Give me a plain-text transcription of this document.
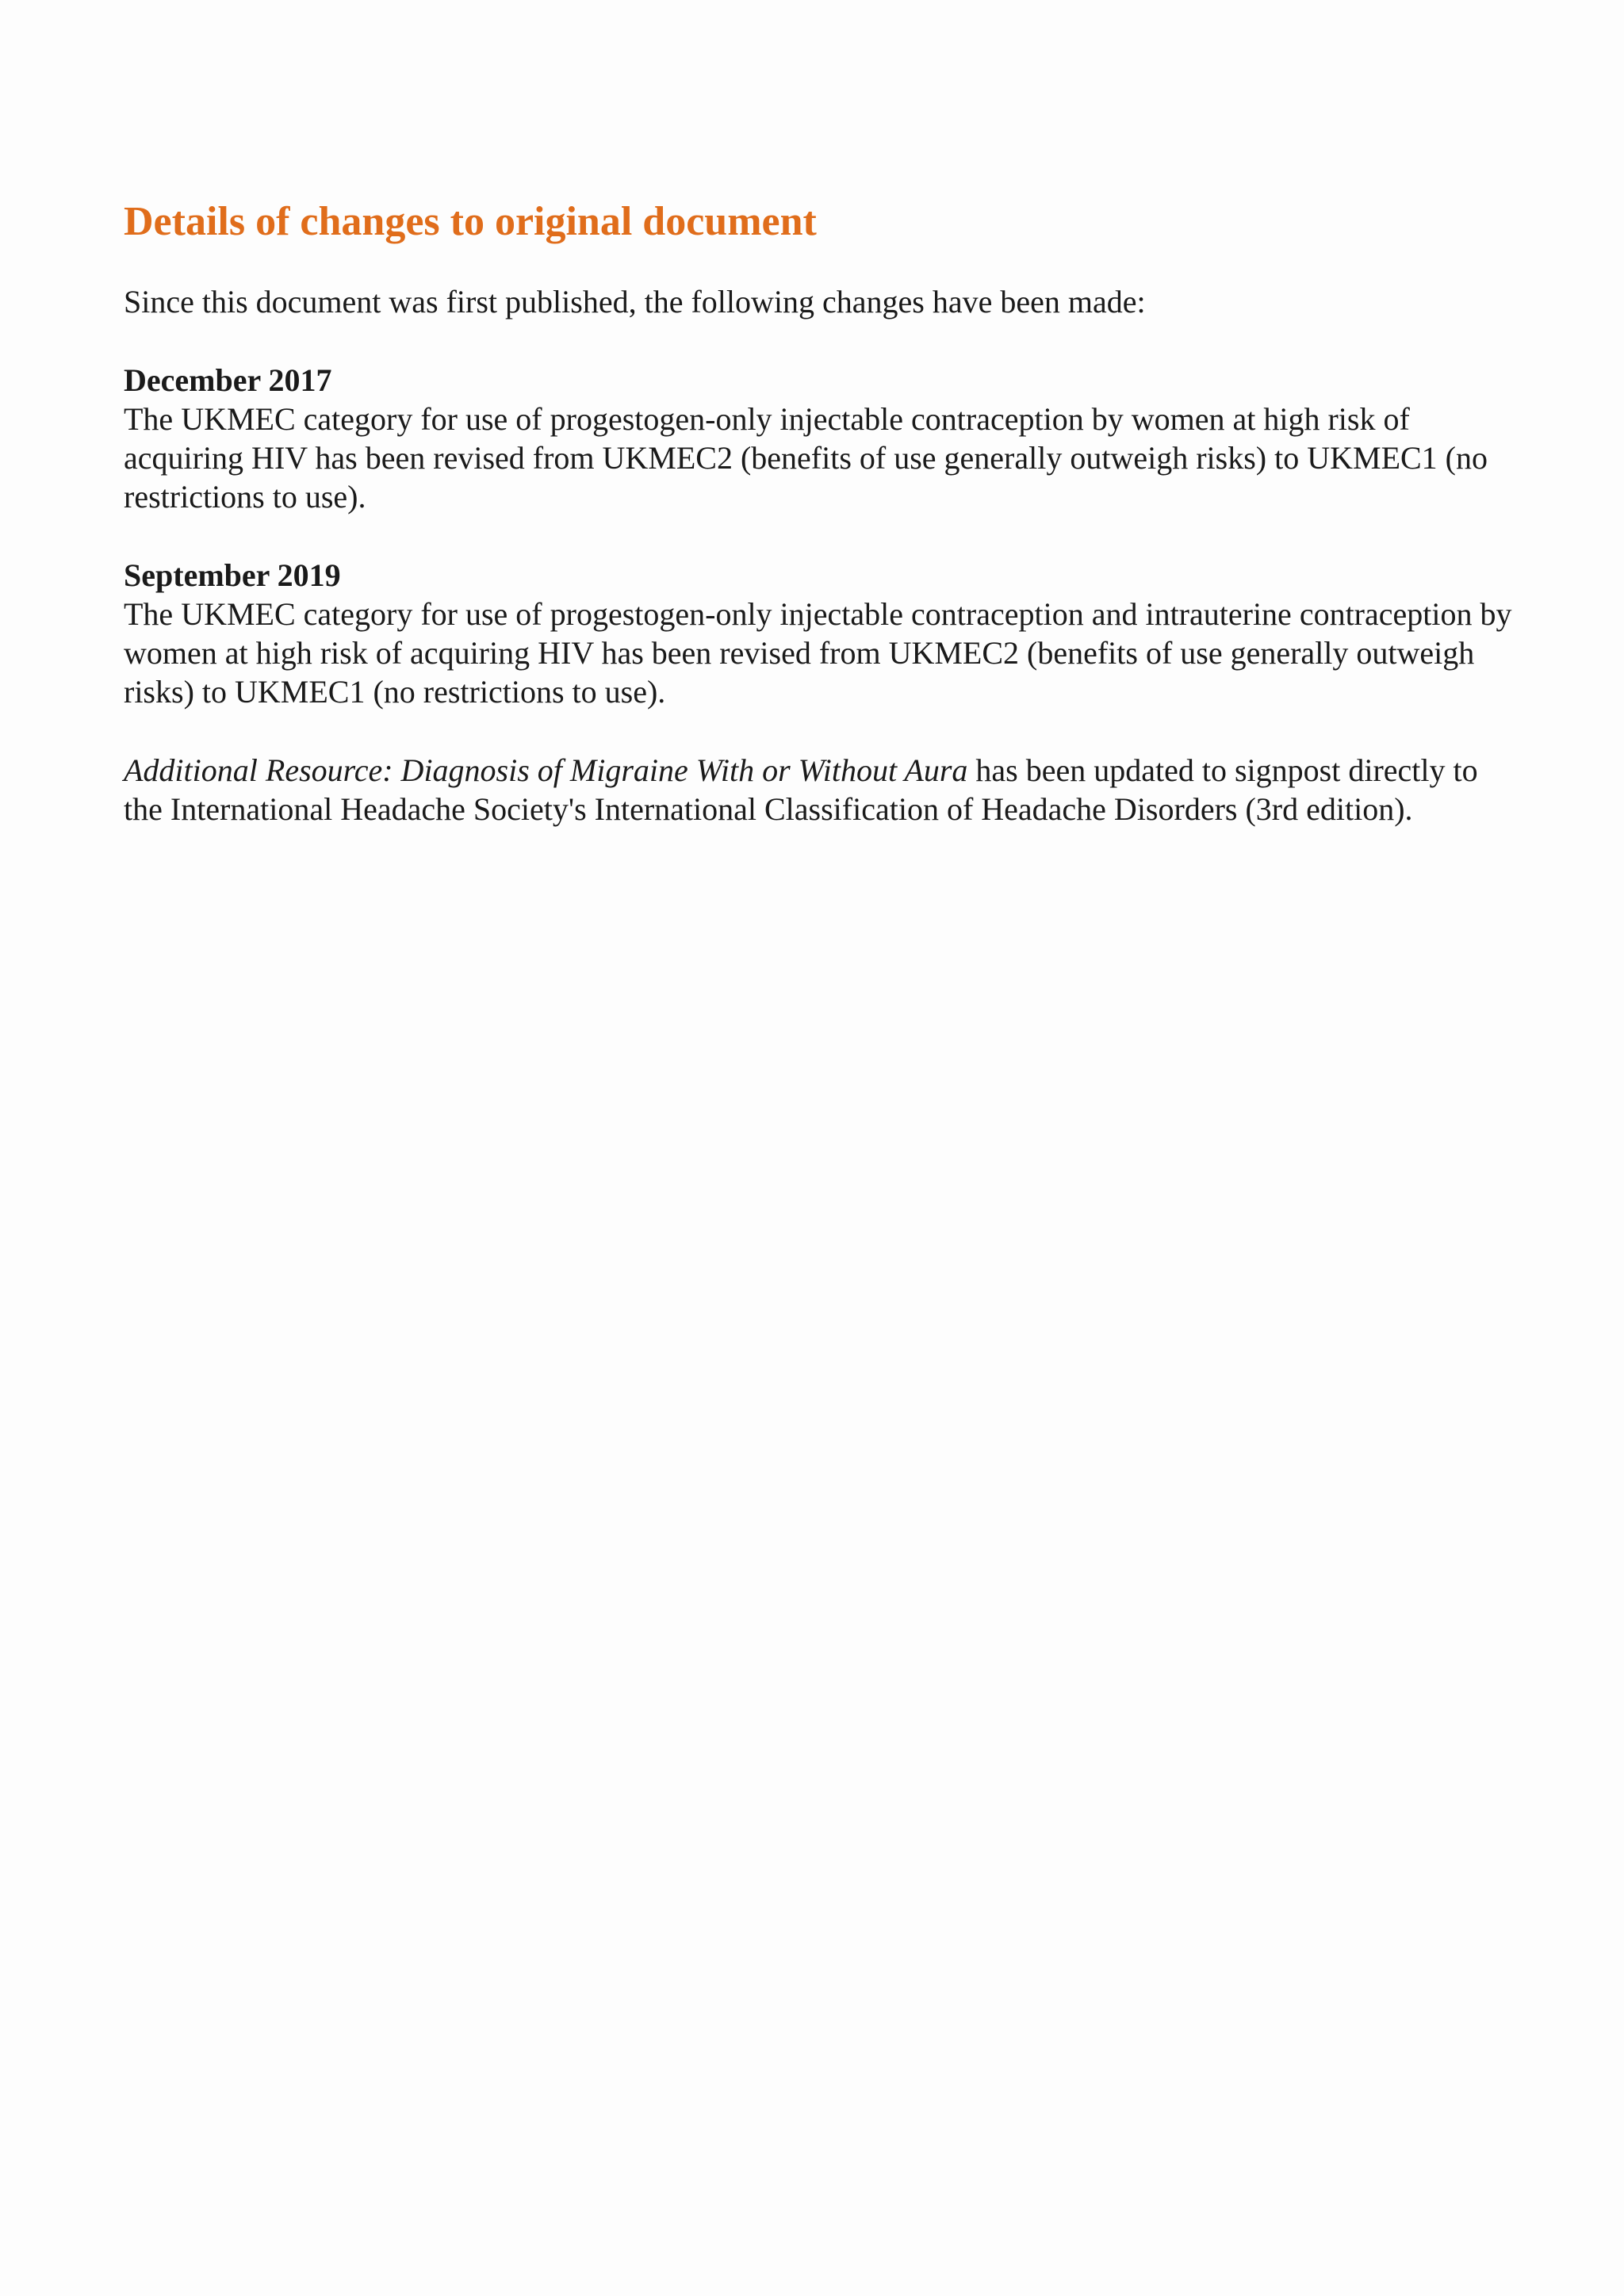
Details of changes to original document

Since this document was first published, the following changes have been made:

December 2017
The UKMEC category for use of progestogen-only injectable contraception by women at high risk of acquiring HIV has been revised from UKMEC2 (benefits of use generally outweigh risks) to UKMEC1 (no restrictions to use).
September 2019
The UKMEC category for use of progestogen-only injectable contraception and intrauterine contraception by women at high risk of acquiring HIV has been revised from UKMEC2 (benefits of use generally outweigh risks) to UKMEC1 (no restrictions to use).

Additional Resource: Diagnosis of Migraine With or Without Aura has been updated to signpost directly to the International Headache Society's International Classification of Headache Disorders (3rd edition).
